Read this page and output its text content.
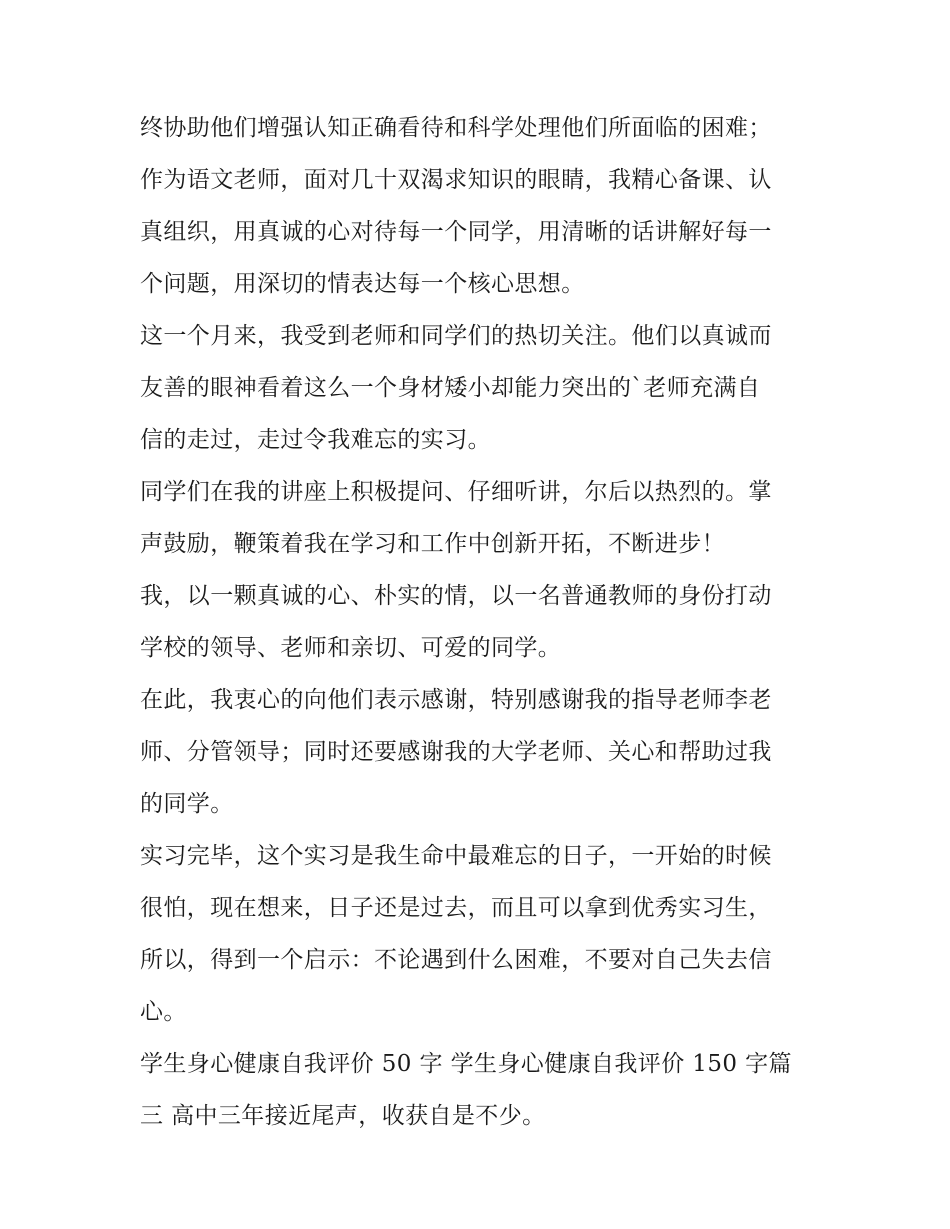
终协助他们增强认知正确看待和科学处理他们所面临的困难；
作为语文老师，面对几十双渴求知识的眼睛，我精心备课、认
真组织，用真诚的心对待每一个同学，用清晰的话讲解好每一
个问题，用深切的情表达每一个核心思想。
这一个月来，我受到老师和同学们的热切关注。他们以真诚而
友善的眼神看着这么一个身材矮小却能力突出的`老师充满自
信的走过，走过令我难忘的实习。
同学们在我的讲座上积极提问、仔细听讲，尔后以热烈的。掌
声鼓励，鞭策着我在学习和工作中创新开拓，不断进步！
我，以一颗真诚的心、朴实的情，以一名普通教师的身份打动
学校的领导、老师和亲切、可爱的同学。
在此，我衷心的向他们表示感谢，特别感谢我的指导老师李老
师、分管领导；同时还要感谢我的大学老师、关心和帮助过我
的同学。
实习完毕，这个实习是我生命中最难忘的日子，一开始的时候
很怕，现在想来，日子还是过去，而且可以拿到优秀实习生，
所以，得到一个启示：不论遇到什么困难，不要对自己失去信
心。
学生身心健康自我评价 50 字 学生身心健康自我评价 150 字篇
三 高中三年接近尾声，收获自是不少。
